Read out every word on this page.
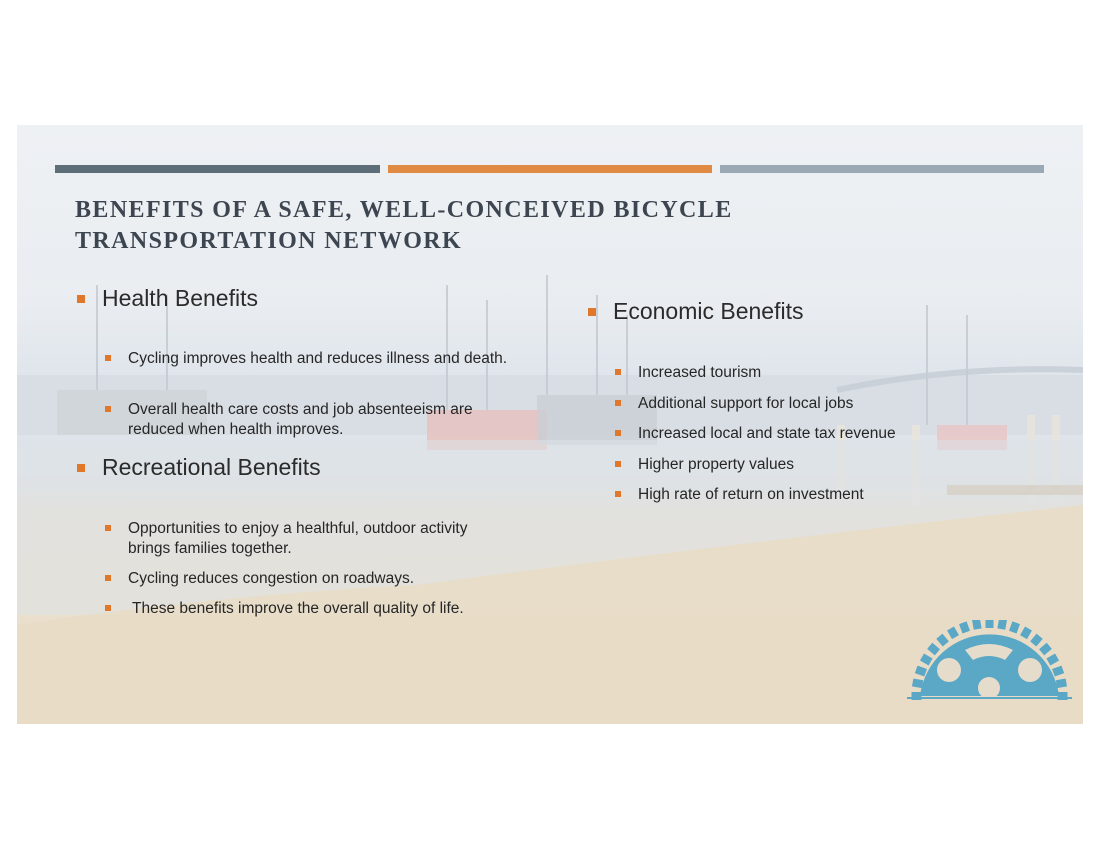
BENEFITS OF A SAFE, WELL-CONCEIVED BICYCLE
TRANSPORTATION NETWORK
Health Benefits
Cycling improves health and reduces illness and death.
Overall health care costs and job absenteeism are reduced when health improves.
Recreational Benefits
Opportunities to enjoy a healthful, outdoor activity brings families together.
Cycling reduces congestion on roadways.
These benefits improve the overall quality of life.
Economic Benefits
Increased tourism
Additional support for local jobs
Increased local and state tax revenue
Higher property values
High rate of return on investment
